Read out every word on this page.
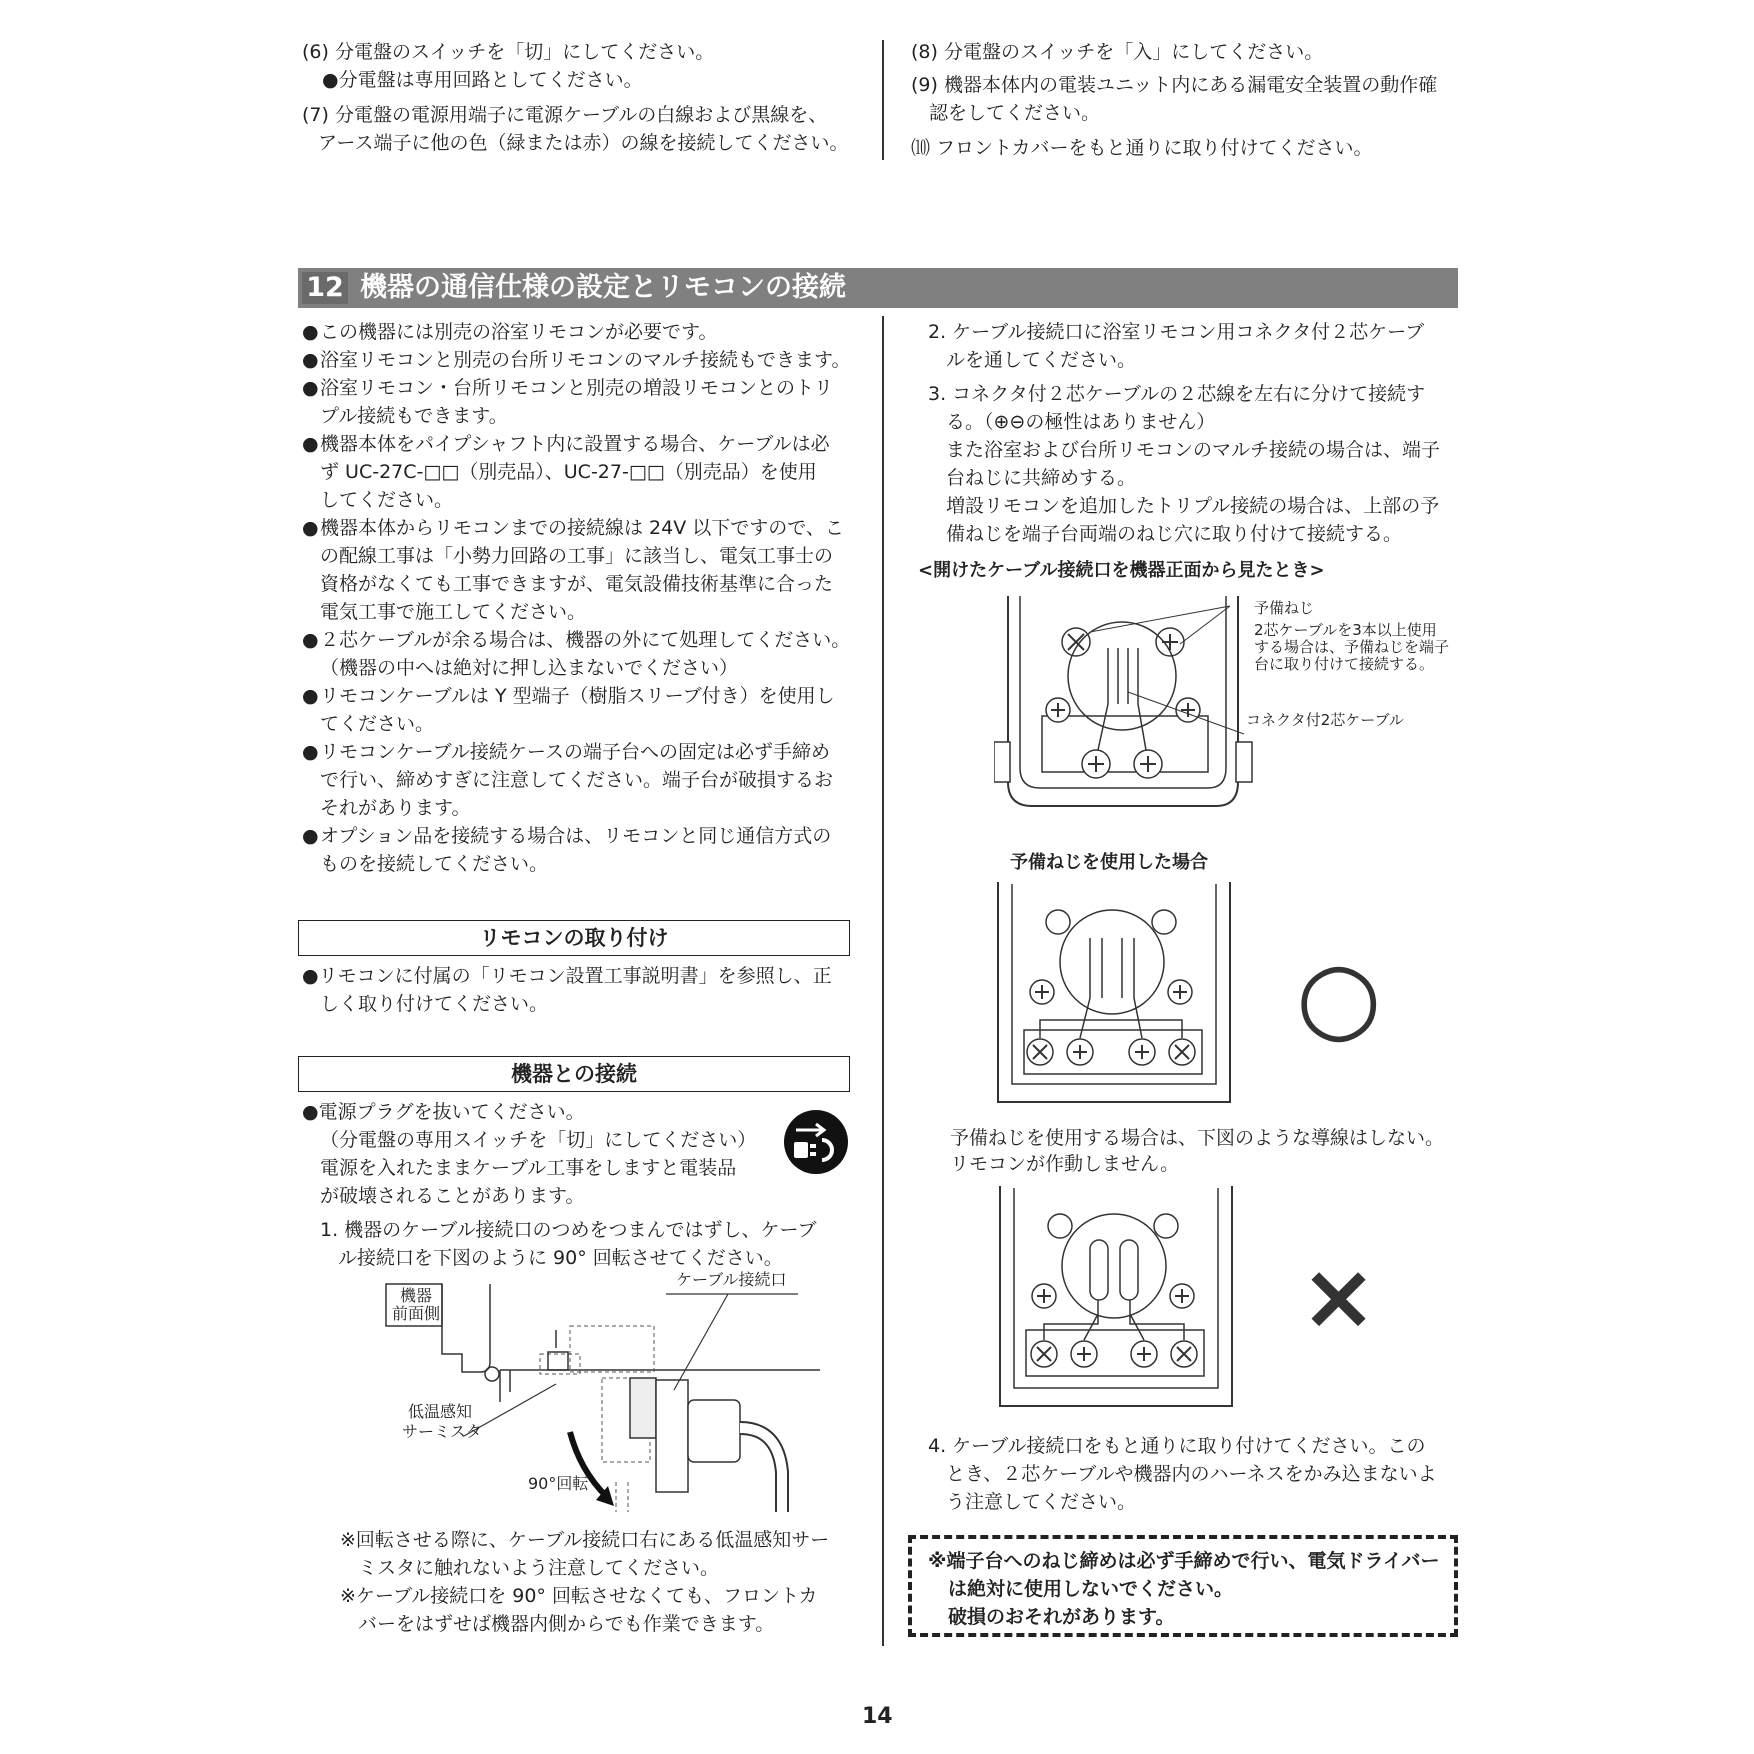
(6) 分電盤のスイッチを「切」にしてください。
●分電盤は専用回路としてください。
(7) 分電盤の電源用端子に電源ケーブルの白線および黒線を、
アース端子に他の色（緑または赤）の線を接続してください。
(8) 分電盤のスイッチを「入」にしてください。
(9) 機器本体内の電装ユニット内にある漏電安全装置の動作確
認をしてください。
⑽ フロントカバーをもと通りに取り付けてください。
12 機器の通信仕様の設定とリモコンの接続
この機器には別売の浴室リモコンが必要です。
●
浴室リモコンと別売の台所リモコンのマルチ接続もできます。
●
浴室リモコン・台所リモコンと別売の増設リモコンとのトリ
●
プル接続もできます。
機器本体をパイプシャフト内に設置する場合、ケーブルは必
●
ず UC-27C-□□（別売品）、UC-27-□□（別売品）を使用
してください。
機器本体からリモコンまでの接続線は 24V 以下ですので、こ
●
の配線工事は「小勢力回路の工事」に該当し、電気工事士の
資格がなくても工事できますが、電気設備技術基準に合った
電気工事で施工してください。
２芯ケーブルが余る場合は、機器の外にて処理してください。
●
（機器の中へは絶対に押し込まないでください）
リモコンケーブルは Y 型端子（樹脂スリーブ付き）を使用し
●
てください。
リモコンケーブル接続ケースの端子台への固定は必ず手締め
●
で行い、締めすぎに注意してください。端子台が破損するお
それがあります。
オプション品を接続する場合は、リモコンと同じ通信方式の
●
ものを接続してください。
リモコンの取り付け
●リモコンに付属の「リモコン設置工事説明書」を参照し、正
しく取り付けてください。
機器との接続
●電源プラグを抜いてください。
（分電盤の専用スイッチを「切」にしてください）
電源を入れたままケーブル工事をしますと電装品
が破壊されることがあります。
1. 機器のケーブル接続口のつめをつまんではずし、ケーブ
ル接続口を下図のように 90° 回転させてください。
機器
前面側
ケーブル接続口
低温感知
サーミスタ
90°回転
※回転させる際に、ケーブル接続口右にある低温感知サー
ミスタに触れないよう注意してください。
※ケーブル接続口を 90° 回転させなくても、フロントカ
バーをはずせば機器内側からでも作業できます。
2. ケーブル接続口に浴室リモコン用コネクタ付２芯ケーブ
ルを通してください。
3. コネクタ付２芯ケーブルの２芯線を左右に分けて接続す
る。（⊕⊖の極性はありません）
また浴室および台所リモコンのマルチ接続の場合は、端子
台ねじに共締めする。
増設リモコンを追加したトリプル接続の場合は、上部の予
備ねじを端子台両端のねじ穴に取り付けて接続する。
<開けたケーブル接続口を機器正面から見たとき>
予備ねじ
2芯ケーブルを3本以上使用
する場合は、予備ねじを端子
台に取り付けて接続する。
コネクタ付2芯ケーブル
予備ねじを使用した場合
○
予備ねじを使用する場合は、下図のような導線はしない。
リモコンが作動しません。
×
4. ケーブル接続口をもと通りに取り付けてください。この
とき、２芯ケーブルや機器内のハーネスをかみ込まないよ
う注意してください。
※端子台へのねじ締めは必ず手締めで行い、電気ドライバー
は絶対に使用しないでください。
破損のおそれがあります。
14
